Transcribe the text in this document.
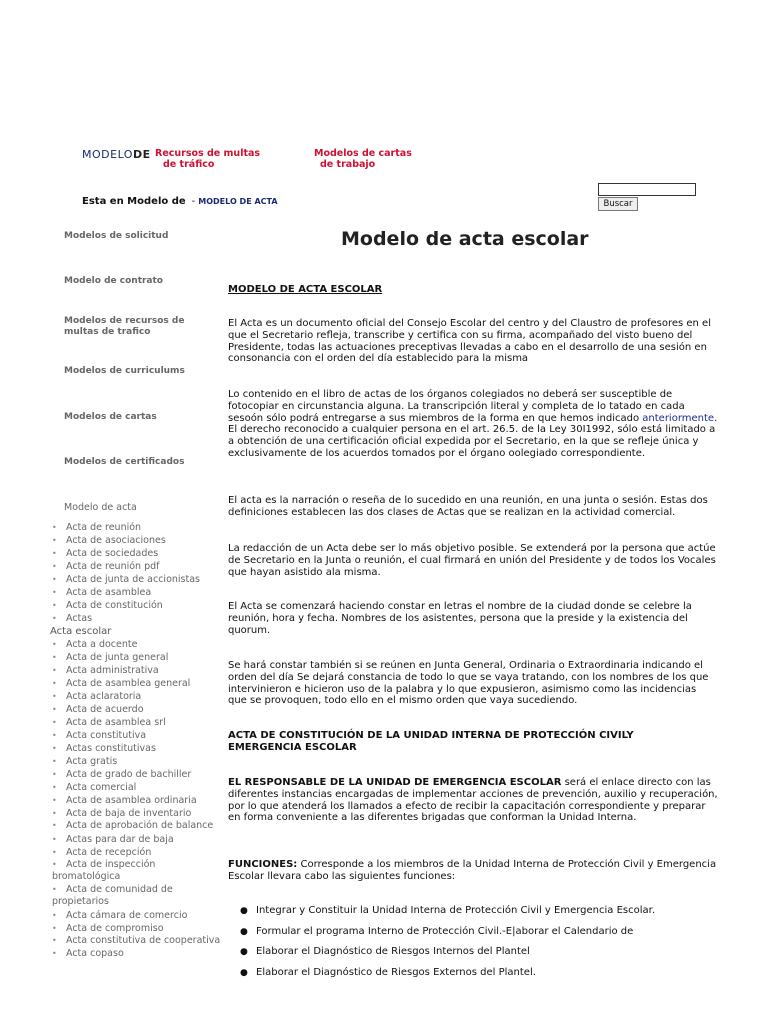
MODELODE Recursos de multas
de tráfico
Modelos de cartas
de trabajo
Esta en Modelo de - MODELO DE ACTA	Buscar
Modelos de solicitud
Modelo de contrato
Modelos de recursos de multas de trafico
Modelos de curriculums
Modelos de cartas
Modelos de certificados
Modelo de acta
• Acta de reunión
• Acta de asociaciones
• Acta de sociedades
• Acta de reunión pdf
• Acta de junta de accionistas
• Acta de asamblea
• Acta de constitución
• Actas
Acta escolar
• Acta a docente
• Acta de junta general
• Acta administrativa
• Acta de asamblea general
• Acta aclaratoria
• Acta de acuerdo
• Acta de asamblea srl
• Acta constitutiva
• Actas constitutivas
• Acta gratis
• Acta de grado de bachiller
• Acta comercial
• Acta de asamblea ordinaria
• Acta de baja de inventario
• Acta de aprobación de balance
• Actas para dar de baja
• Acta de recepción
• Acta de inspección bromatológica
• Acta de comunidad de propietarios
• Acta cámara de comercio
• Acta de compromiso
• Acta constitutiva de cooperativa
• Acta copaso
Modelo de acta escolar
MODELO DE ACTA ESCOLAR

El Acta es un documento oficial del Consejo Escolar del centro y del Claustro de profesores en el que el Secretario refleja, transcribe y certifica con su firma, acompañado del visto bueno del Presidente, todas las actuaciones preceptivas llevadas a cabo en el desarrollo de una sesión en consonancia con el orden del día establecido para la misma

Lo contenido en el libro de actas de los órganos colegiados no deberá ser susceptible de fotocopiar en circunstancia alguna. La transcripción literal y completa de lo tatado en cada sesoón sólo podrá entregarse a sus miembros de la forma en que hemos indicado anteriormente. El derecho reconocido a cualquier persona en el art. 26.5. de la Ley 30I1992, sólo está limitado a a obtención de una certificación oficial expedida por el Secretario, en la que se refleje única y exclusivamente de los acuerdos tomados por el órgano oolegiado correspondiente.

El acta es la narración o reseña de lo sucedido en una reunión, en una junta o sesión. Estas dos definiciones establecen las dos clases de Actas que se realizan en la actividad comercial.

La redacción de un Acta debe ser lo más objetivo posible. Se extenderá por la persona que actúe de Secretario en la Junta o reunión, el cual firmará en unión del Presidente y de todos los Vocales que hayan asistido ala misma.

El Acta se comenzará haciendo constar en letras el nombre de Ia ciudad donde se celebre la reunión, hora y fecha. Nombres de los asistentes, persona que la preside y la existencia del quorum.

Se hará constar también si se reúnen en Junta General, Ordinaria o Extraordinaria indicando el orden del día Se dejará constancia de todo lo que se vaya tratando, con los nombres de los que intervinieron e hicieron uso de la palabra y lo que expusieron, asimismo como las incidencias que se provoquen, todo ello en el mismo orden que vaya sucediendo.

ACTA DE CONSTITUCIÓN DE LA UNIDAD INTERNA DE PROTECCIÓN CIVILY EMERGENCIA ESCOLAR

EL RESPONSABLE DE LA UNIDAD DE EMERGENCIA ESCOLAR será el enlace directo con las diferentes instancias encargadas de implementar acciones de prevención, auxilio y recuperación, por lo que atenderá los llamados a efecto de recibir la capacitación correspondiente y preparar en forma conveniente a las diferentes brigadas que conforman la Unidad Interna.

FUNCIONES: Corresponde a los miembros de la Unidad Interna de Protección Civil y Emergencia Escolar llevara cabo las siguientes funciones:

● Integrar y Constituir la Unidad Interna de Protección Civil y Emergencia Escolar.
● Formular el programa Interno de Protección Civil.-E|aborar el Calendario de
● Elaborar el Diagnóstico de Riesgos Internos del Plantel
● Elaborar el Diagnóstico de Riesgos Externos del Plantel.
